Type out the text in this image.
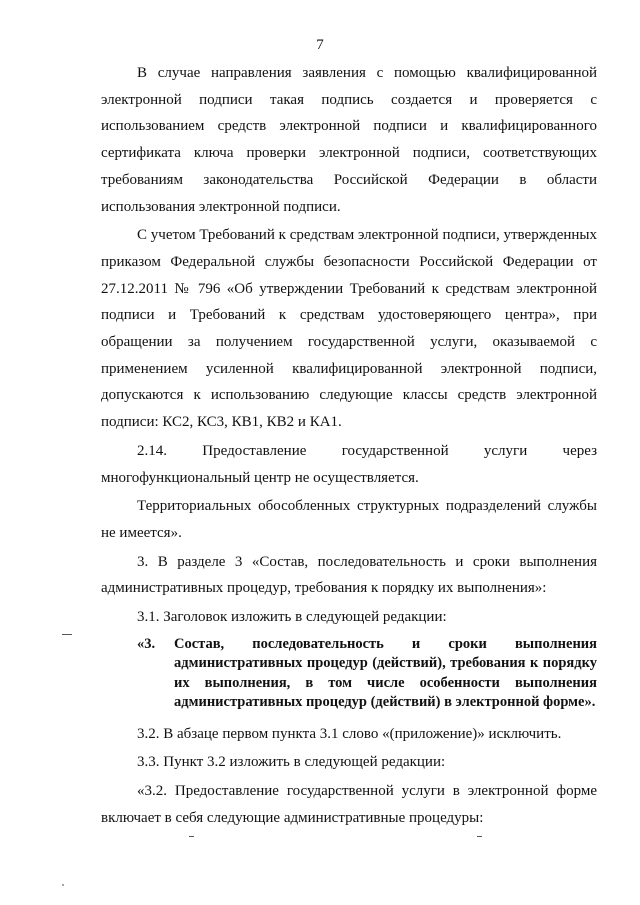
7

В случае направления заявления с помощью квалифицированной электронной подписи такая подпись создается и проверяется с использованием средств электронной подписи и квалифицированного сертификата ключа проверки электронной подписи, соответствующих требованиям законодательства Российской Федерации в области использования электронной подписи.

С учетом Требований к средствам электронной подписи, утвержденных приказом Федеральной службы безопасности Российской Федерации от 27.12.2011 № 796 «Об утверждении Требований к средствам электронной подписи и Требований к средствам удостоверяющего центра», при обращении за получением государственной услуги, оказываемой с применением усиленной квалифицированной электронной подписи, допускаются к использованию следующие классы средств электронной подписи: КС2, КС3, КВ1, КВ2 и КА1.

2.14. Предоставление государственной услуги через многофункциональный центр не осуществляется.

Территориальных обособленных структурных подразделений службы не имеется».

3. В разделе 3 «Состав, последовательность и сроки выполнения административных процедур, требования к порядку их выполнения»:

3.1. Заголовок изложить в следующей редакции:

«3. Состав, последовательность и сроки выполнения административных процедур (действий), требования к порядку их выполнения, в том числе особенности выполнения административных процедур (действий) в электронной форме».

3.2. В абзаце первом пункта 3.1 слово «(приложение)» исключить.

3.3. Пункт 3.2 изложить в следующей редакции:

«3.2. Предоставление государственной услуги в электронной форме включает в себя следующие административные процедуры:
